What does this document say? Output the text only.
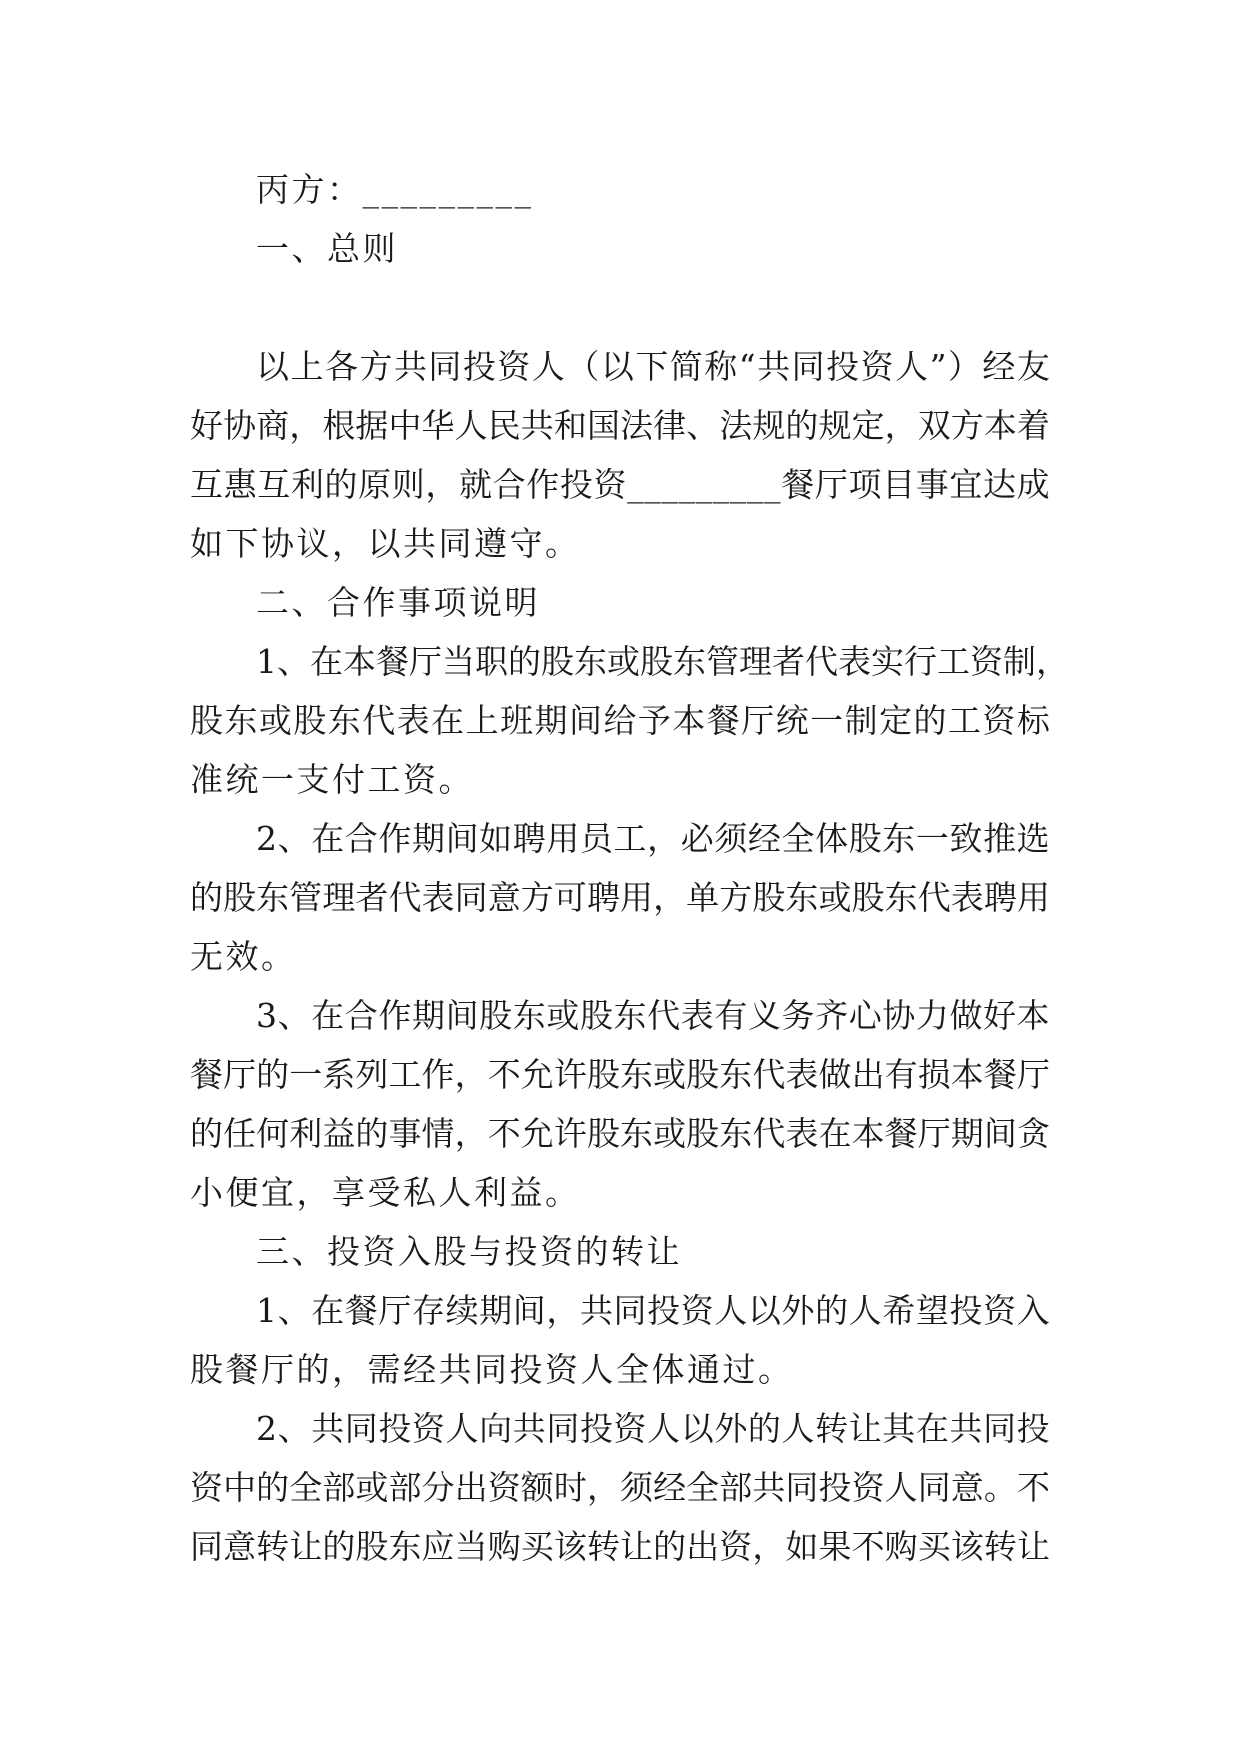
丙方：_________
一、总则
以 上 各 方 共 同 投 资 人 （ 以 下 简 称 “ 共 同 投 资 人 ” ） 经 友
好 协 商 ， 根 据 中 华 人 民 共 和 国 法 律 、 法 规 的 规 定 ， 双 方 本 着
互 惠 互 利 的 原 则 ， 就 合 作 投 资 _ _ _ _ _ _ _ _ _ 餐 厅 项 目 事 宜 达 成
如下协议，以共同遵守。
二、合作事项说明
1 、 在 本 餐 厅 当 职 的 股 东 或 股 东 管 理 者 代 表 实 行 工 资 制 ，
股 东 或 股 东 代 表 在 上 班 期 间 给 予 本 餐 厅 统 一 制 定 的 工 资 标
准统一支付工资。
2 、 在 合 作 期 间 如 聘 用 员 工 ， 必 须 经 全 体 股 东 一 致 推 选
的 股 东 管 理 者 代 表 同 意 方 可 聘 用 ， 单 方 股 东 或 股 东 代 表 聘 用
无效。
3 、 在 合 作 期 间 股 东 或 股 东 代 表 有 义 务 齐 心 协 力 做 好 本
餐 厅 的 一 系 列 工 作 ， 不 允 许 股 东 或 股 东 代 表 做 出 有 损 本 餐 厅
的 任 何 利 益 的 事 情 ， 不 允 许 股 东 或 股 东 代 表 在 本 餐 厅 期 间 贪
小便宜，享受私人利益。
三、投资入股与投资的转让
1 、 在 餐 厅 存 续 期 间 ， 共 同 投 资 人 以 外 的 人 希 望 投 资 入
股餐厅的，需经共同投资人全体通过。
2 、 共 同 投 资 人 向 共 同 投 资 人 以 外 的 人 转 让 其 在 共 同 投
资 中 的 全 部 或 部 分 出 资 额 时 ， 须 经 全 部 共 同 投 资 人 同 意 。 不
同 意 转 让 的 股 东 应 当 购 买 该 转 让 的 出 资 ， 如 果 不 购 买 该 转 让
